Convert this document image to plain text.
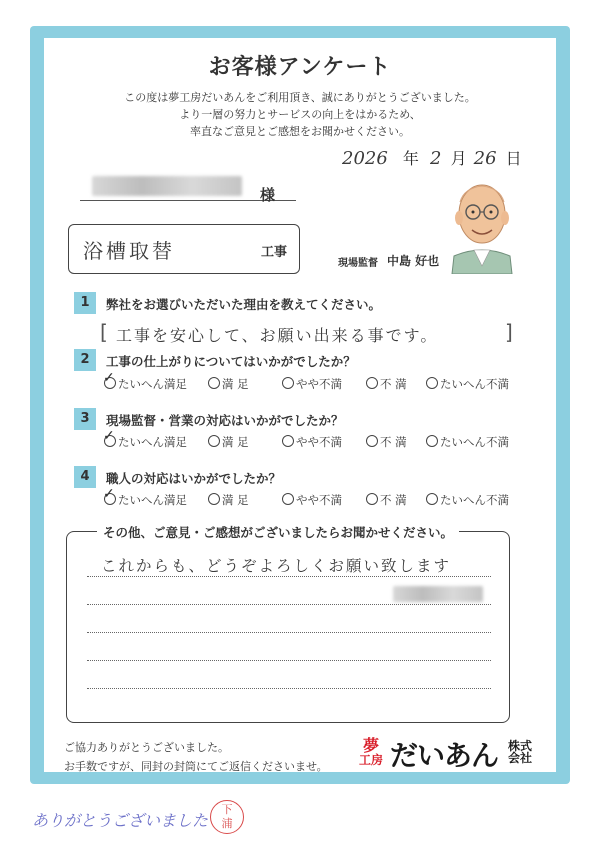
お客様アンケート
この度は夢工房だいあんをご利用頂き、誠にありがとうございました。
より一層の努力とサービスの向上をはかるため、
率直なご意見とご感想をお聞かせください。
2026 年 2 月 26 日
様
浴槽取替	工事
現場監督 中島 好也
1	弊社をお選びいただいた理由を教えてください。
[ 工事を安心して、お願い出来る事です。	]
2	工事の仕上がりについてはいかがでしたか？
✓ たいへん満足	満 足	やや不満	不 満	たいへん不満
3	現場監督・営業の対応はいかがでしたか？
✓ たいへん満足	満 足	やや不満	不 満	たいへん不満
4	職人の対応はいかがでしたか？
✓ たいへん満足	満 足	やや不満	不 満	たいへん不満
その他、ご意見・ご感想がございましたらお聞かせください。
これからも、どうぞよろしくお願い致します
ご協力ありがとうございました。
お手数ですが、同封の封筒にてご返信くださいませ。
夢
工房 だいあん 株式
会社
ありがとうございました
下浦
